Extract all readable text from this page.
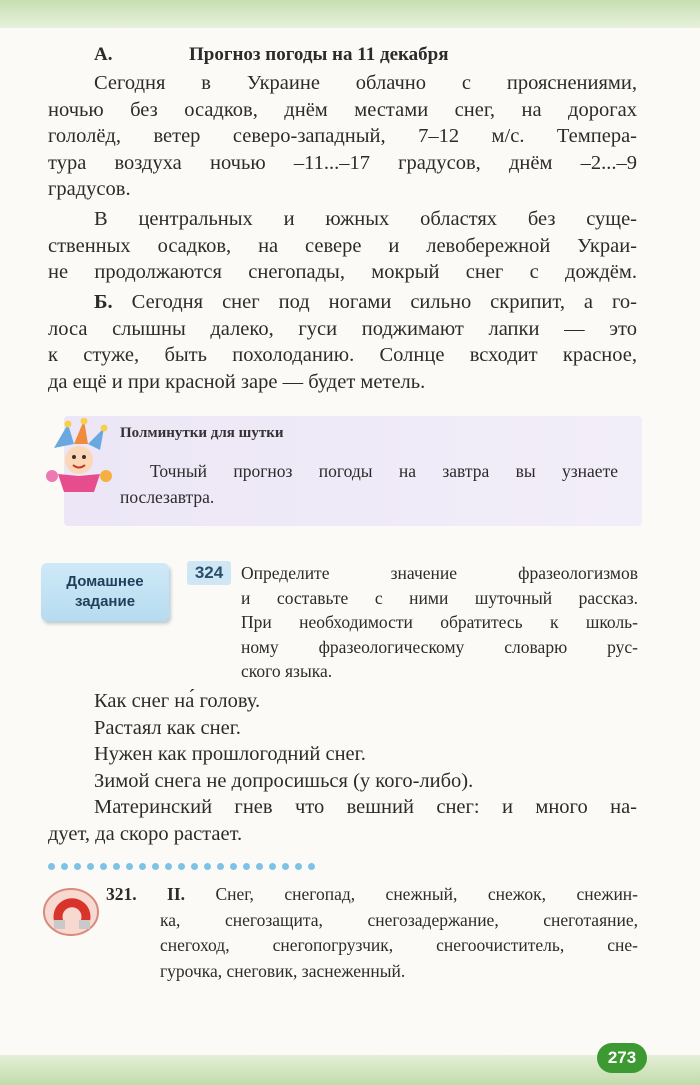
А.	Прогноз погоды на 11 декабря
Сегодня в Украине облачно с прояснениями,
ночью без осадков, днём местами снег, на дорогах
гололёд, ветер северо-западный, 7–12 м/с. Темпера-
тура воздуха ночью –11...–17 градусов, днём –2...–9
градусов.
В центральных и южных областях без суще-
ственных осадков, на севере и левобережной Украи-
не продолжаются снегопады, мокрый снег с дождём.
Б. Сегодня снег под ногами сильно скрипит, а го-
лоса слышны далеко, гуси поджимают лапки — это
к стуже, быть похолоданию. Солнце всходит красное,
да ещё и при красной заре — будет метель.
Полминутки для шутки
Точный прогноз погоды на завтра вы узнаете
послезавтра.
Домашнее
задание
324	Определите значение фразеологизмов
и составьте с ними шуточный рассказ.
При необходимости обратитесь к школь-
ному фразеологическому словарю рус-
ского языка.
Как снег на́ голову.
Растаял как снег.
Нужен как прошлогодний снег.
Зимой снега не допросишься (у кого-либо).
Материнский гнев что вешний снег: и много на-
дует, да скоро растает.
321. II. Снег, снегопад, снежный, снежок, снежин-
ка, снегозащита, снегозадержание, снеготаяние,
снегоход, снегопогрузчик, снегоочиститель, сне-
гурочка, снеговик, заснеженный.
273
